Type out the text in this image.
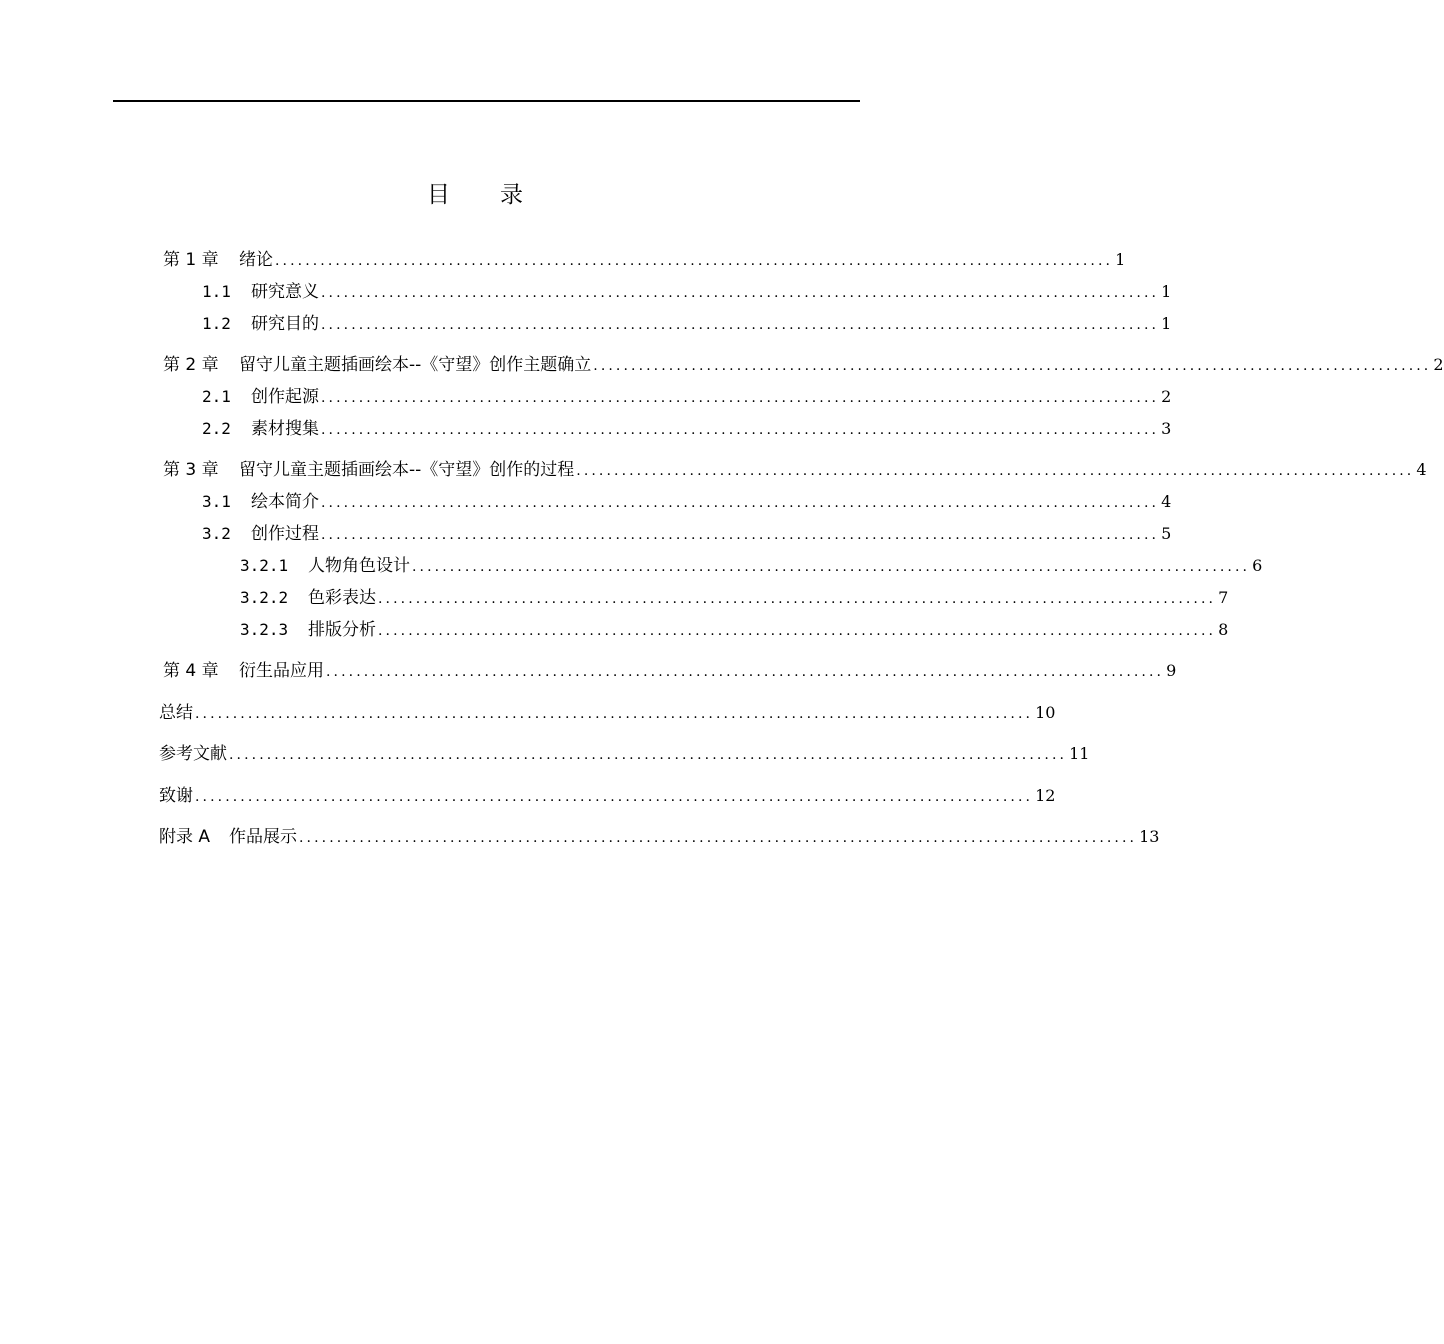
目 录
第 1 章 绪论 ............................................................................................................... 1
1.1 研究意义 ............................................................................................................... 1
1.2 研究目的 ............................................................................................................... 1
第 2 章 留守儿童主题插画绘本--《守望》创作主题确立 ............................................................................................................... 2
2.1 创作起源 ............................................................................................................... 2
2.2 素材搜集 ............................................................................................................... 3
第 3 章 留守儿童主题插画绘本--《守望》创作的过程 ............................................................................................................... 4
3.1 绘本简介 ............................................................................................................... 4
3.2 创作过程 ............................................................................................................... 5
3.2.1 人物角色设计 ............................................................................................................... 6
3.2.2 色彩表达 ............................................................................................................... 7
3.2.3 排版分析 ............................................................................................................... 8
第 4 章 衍生品应用 ............................................................................................................... 9
总结 ............................................................................................................... 10
参考文献 ............................................................................................................... 11
致谢 ............................................................................................................... 12
附录 A 作品展示 ............................................................................................................... 13
